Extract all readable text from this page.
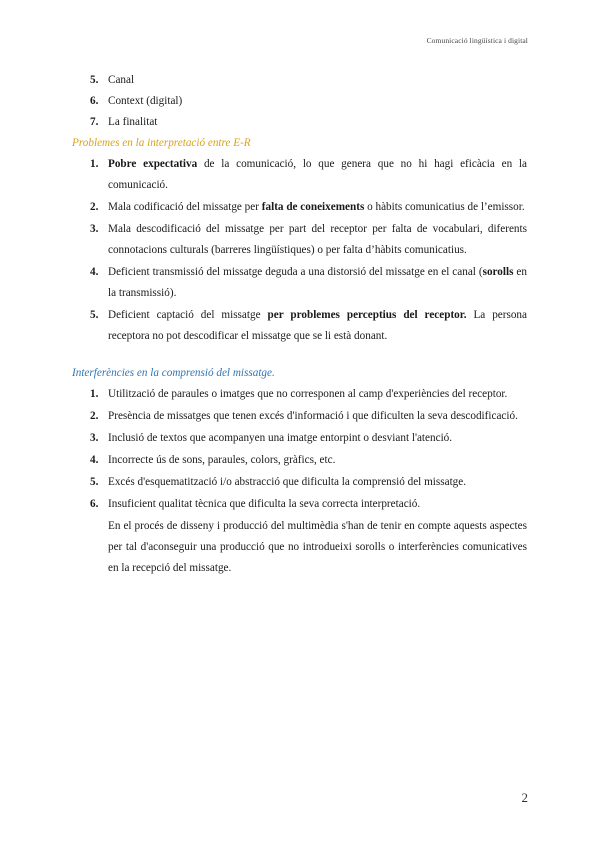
Comunicació lingüística i digital
5 . Canal
6 . Context (digital)
7 . La finalitat

Problemes en la interpretació entre E-R

1 . Pobre expectativa de la comunicació, lo que genera que no hi hagi eficàcia en la comunicació.
2 . Mala codificació del missatge per falta de coneixements o hàbits comunicatius de l’emissor.
3 . Mala descodificació del missatge per part del receptor per falta de vocabulari, diferents connotacions culturals (barreres lingüístiques) o per falta d’hàbits comunicatius.
4 . Deficient transmissió del missatge deguda a una distorsió del missatge en el canal (sorolls en la transmissió).
5 . Deficient captació del missatge per problemes perceptius del receptor. La persona receptora no pot descodificar el missatge que se li està donant.

Interferències en la comprensió del missatge.

1 . Utilització de paraules o imatges que no corresponen al camp d'experiències del receptor.
2 . Presència de missatges que tenen excés d'informació i que dificulten la seva descodificació.
3 . Inclusió de textos que acompanyen una imatge entorpint o desviant l'atenció.
4 . Incorrecte ús de sons, paraules, colors, gràfics, etc.
5 . Excés d'esquematització i/o abstracció que dificulta la comprensió del missatge.
6 . Insuficient qualitat tècnica que dificulta la seva correcta interpretació.

En el procés de disseny i producció del multimèdia s'han de tenir en compte aquests aspectes per tal d'aconseguir una producció que no introdueixi sorolls o interferències comunicatives en la recepció del missatge.

2
